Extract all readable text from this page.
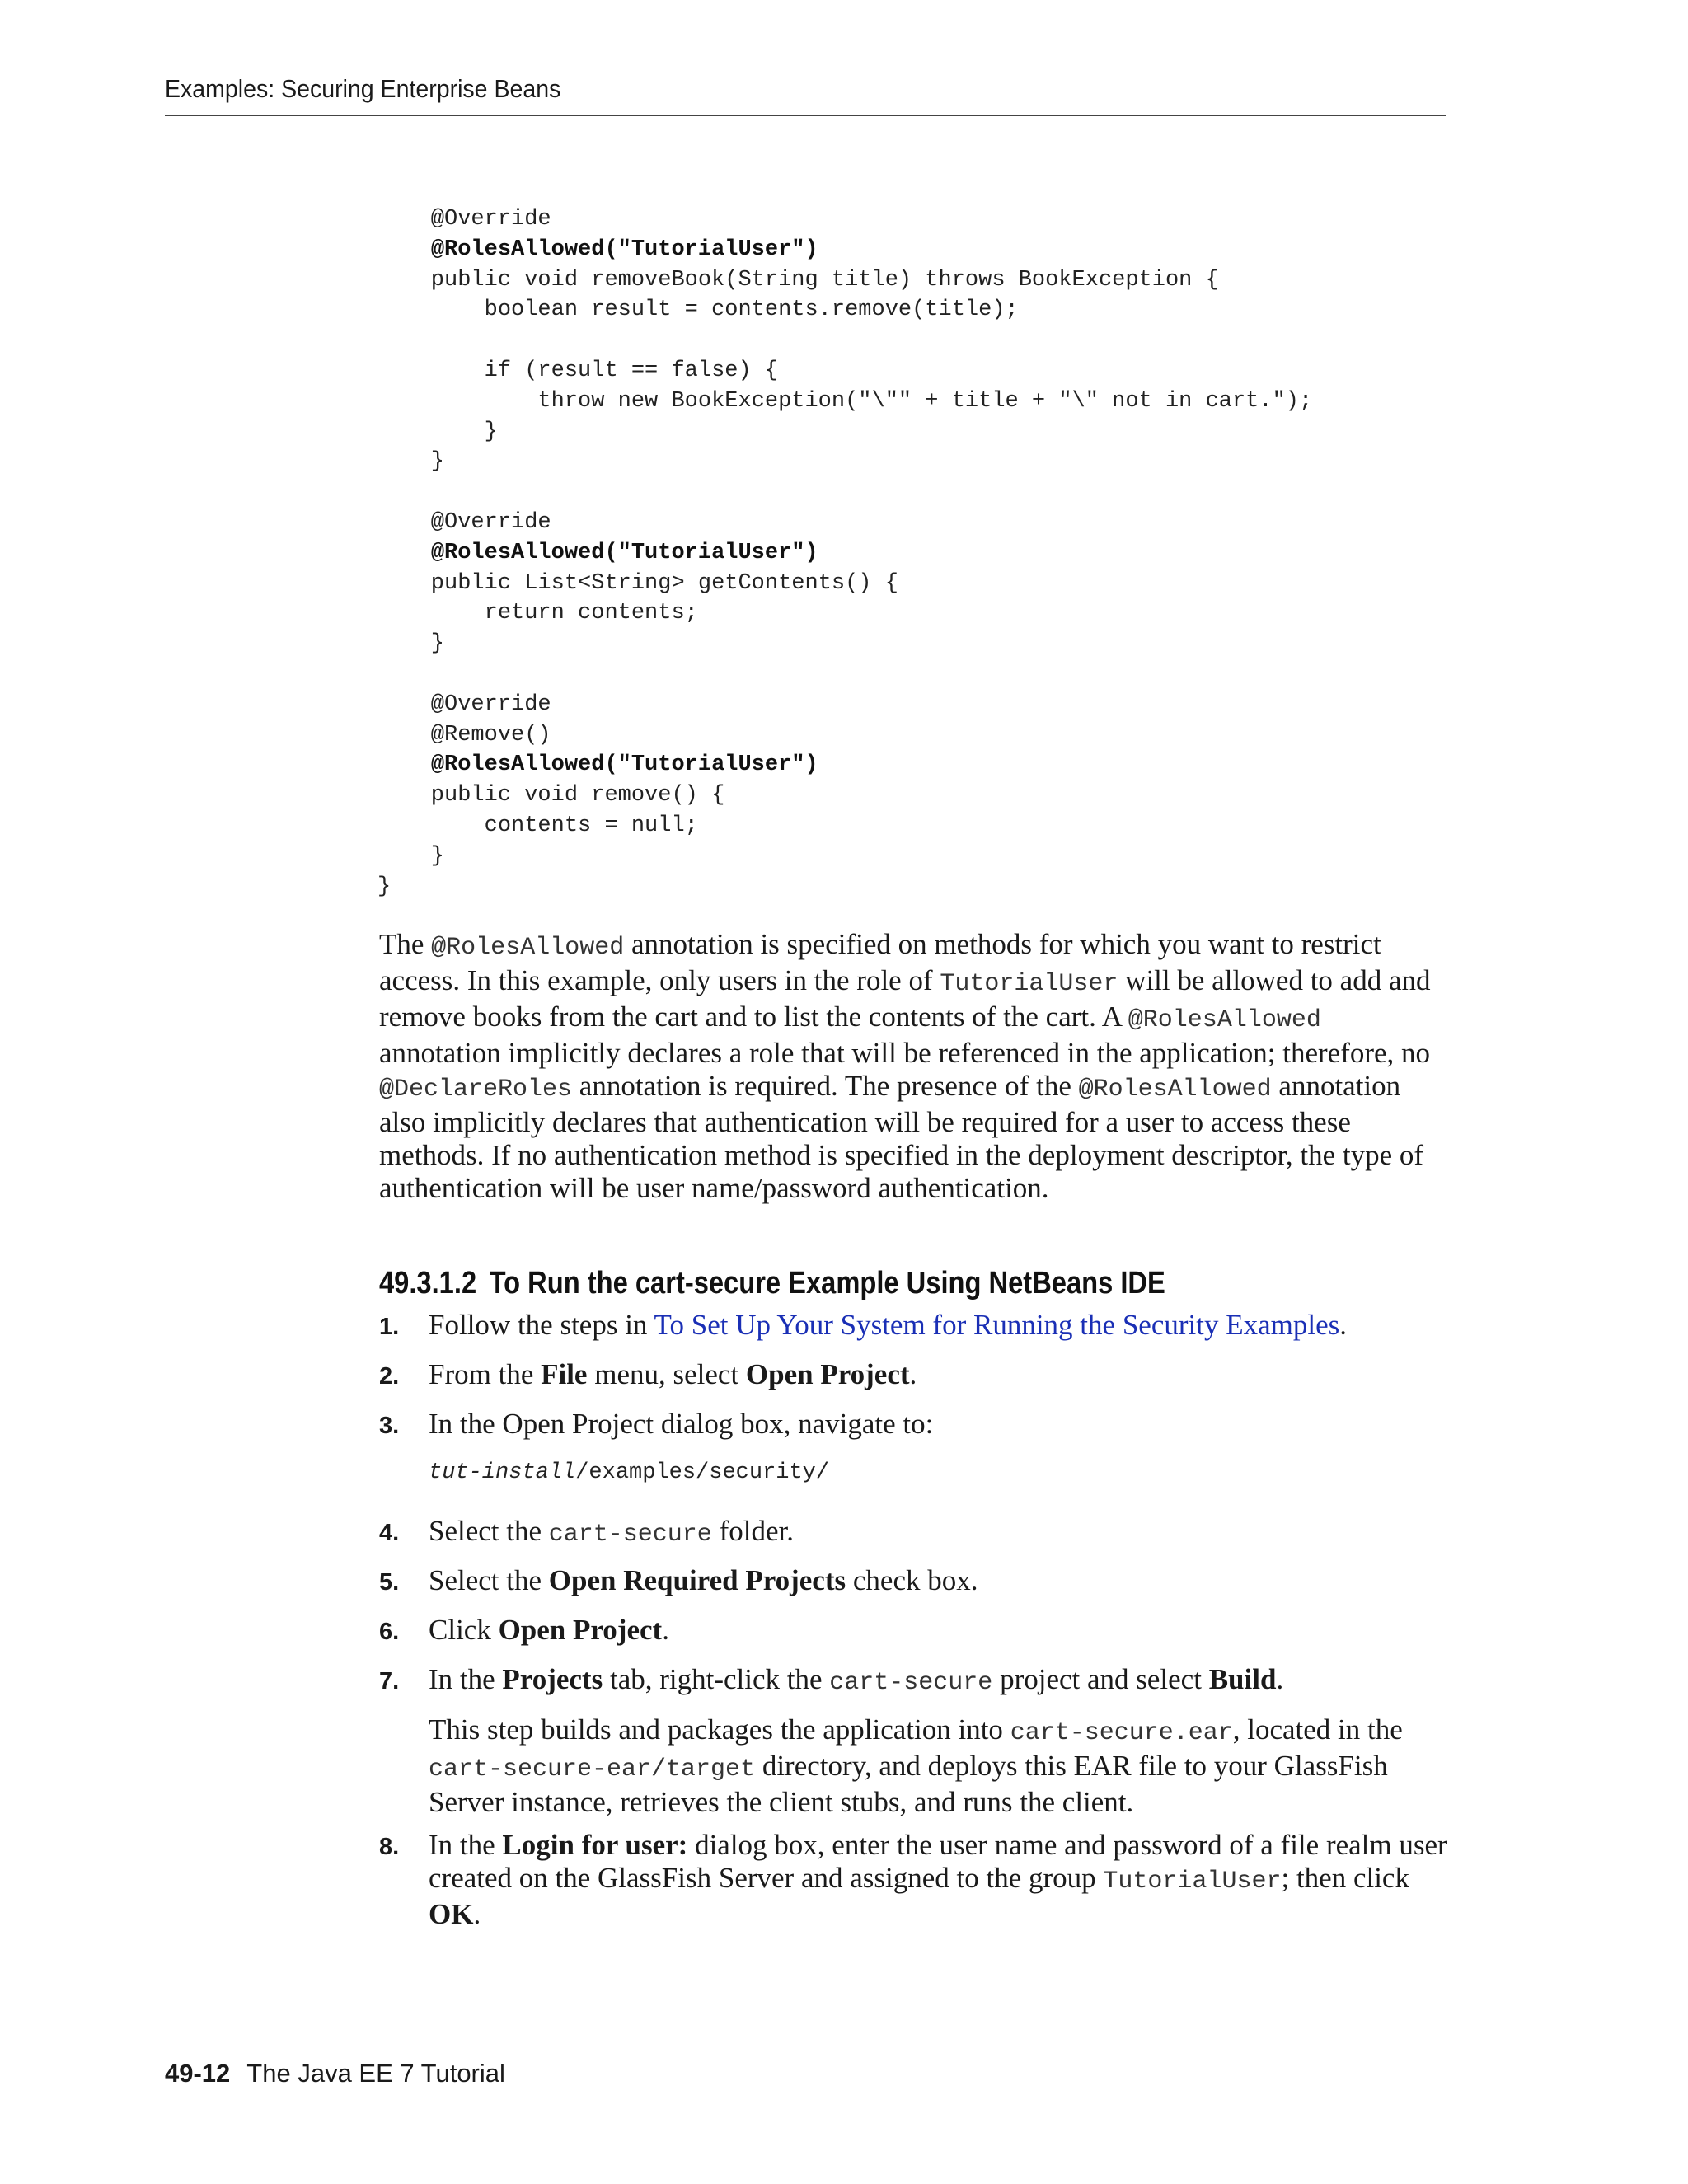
Examples: Securing Enterprise Beans
@Override
@RolesAllowed("TutorialUser")
public void removeBook(String title) throws BookException {
boolean result = contents.remove(title);
if (result == false) {
throw new BookException("\"" + title + "\" not in cart.");
}
}
@Override
@RolesAllowed("TutorialUser")
public List<String> getContents() {
return contents;
}
@Override
@Remove()
@RolesAllowed("TutorialUser")
public void remove() {
contents = null;
}
}

The @RolesAllowed annotation is specified on methods for which you want to restrict access. In this example, only users in the role of TutorialUser will be allowed to add and remove books from the cart and to list the contents of the cart. A @RolesAllowed annotation implicitly declares a role that will be referenced in the application; therefore, no @DeclareRoles annotation is required. The presence of the @RolesAllowed annotation also implicitly declares that authentication will be required for a user to access these methods. If no authentication method is specified in the deployment descriptor, the type of authentication will be user name/password authentication.

49.3.1.2 To Run the cart-secure Example Using NetBeans IDE
1. Follow the steps in To Set Up Your System for Running the Security Examples.
2. From the File menu, select Open Project.
3. In the Open Project dialog box, navigate to:
tut-install/examples/security/
4. Select the cart-secure folder.
5. Select the Open Required Projects check box.
6. Click Open Project.
7. In the Projects tab, right-click the cart-secure project and select Build.

This step builds and packages the application into cart-secure.ear, located in the cart-secure-ear/target directory, and deploys this EAR file to your GlassFish Server instance, retrieves the client stubs, and runs the client.

8. In the Login for user: dialog box, enter the user name and password of a file realm user created on the GlassFish Server and assigned to the group TutorialUser; then click OK.
49-12 The Java EE 7 Tutorial
